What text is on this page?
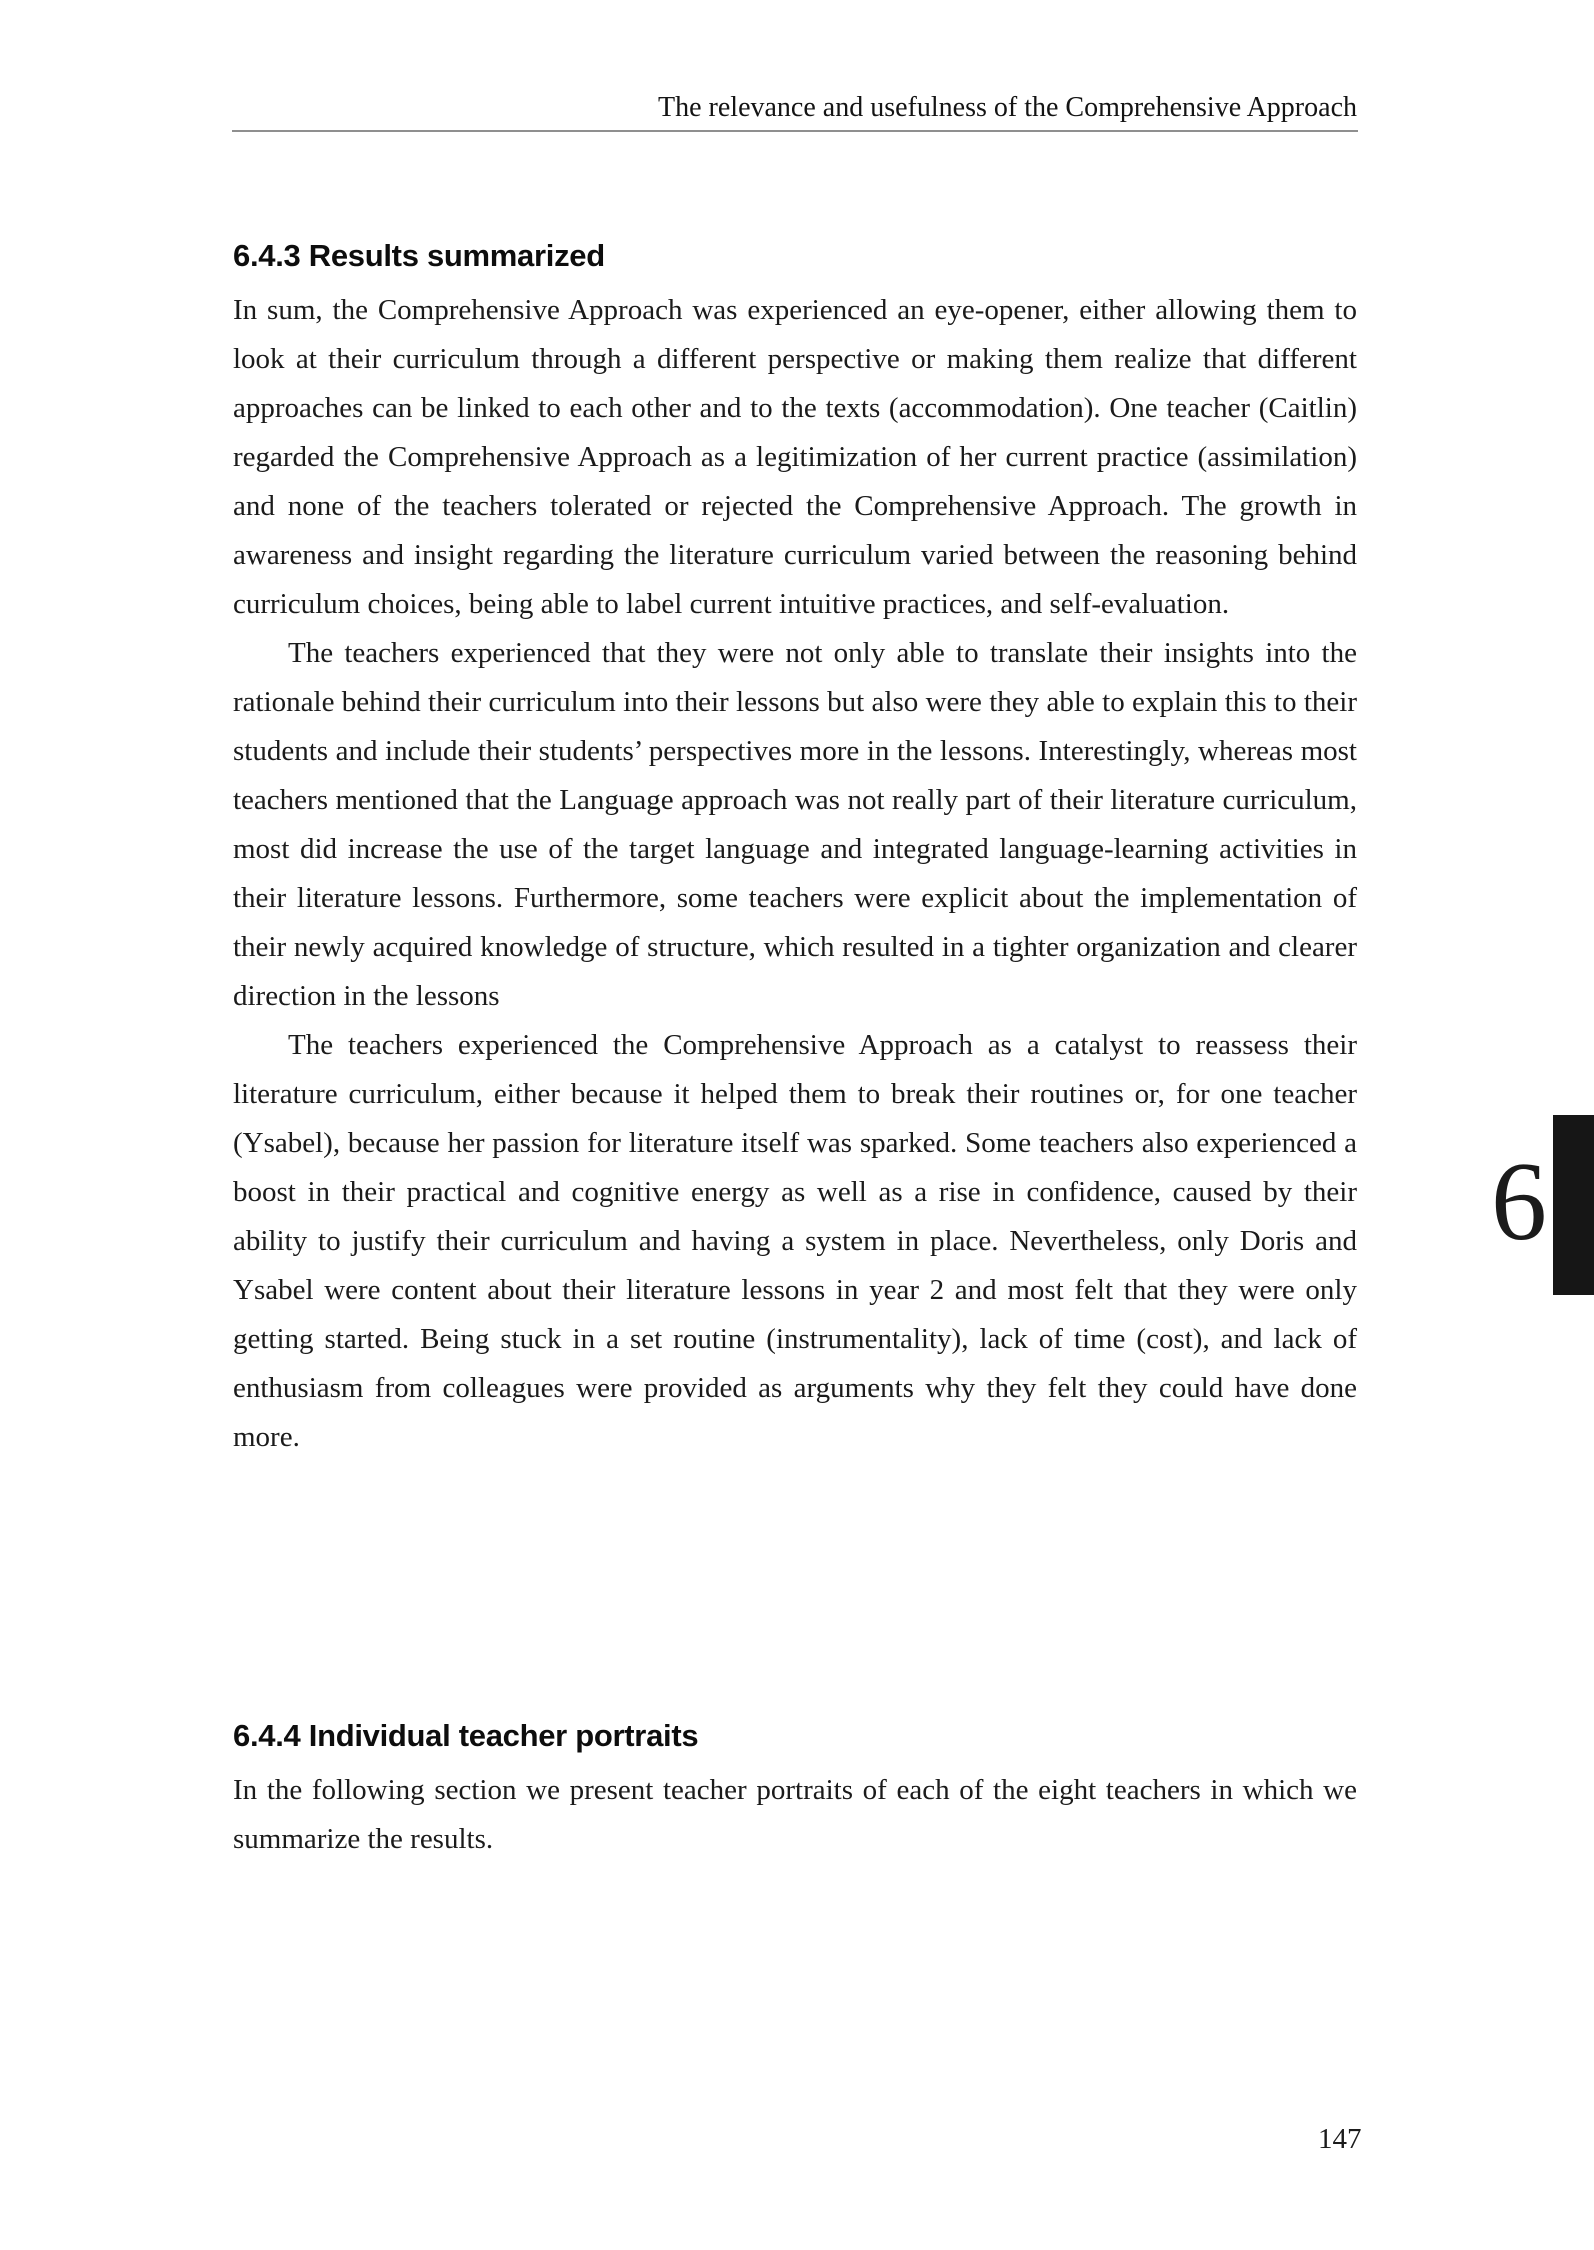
The relevance and usefulness of the Comprehensive Approach
6.4.3 Results summarized

In sum, the Comprehensive Approach was experienced an eye-opener, either allowing them to look at their curriculum through a different perspective or making them realize that different approaches can be linked to each other and to the texts (accommodation). One teacher (Caitlin) regarded the Comprehensive Approach as a legitimization of her current practice (assimilation) and none of the teachers tolerated or rejected the Comprehensive Approach. The growth in awareness and insight regarding the literature curriculum varied between the reasoning behind curriculum choices, being able to label current intuitive practices, and self-evaluation.

The teachers experienced that they were not only able to translate their insights into the rationale behind their curriculum into their lessons but also were they able to explain this to their students and include their students’ perspectives more in the lessons. Interestingly, whereas most teachers mentioned that the Language approach was not really part of their literature curriculum, most did increase the use of the target language and integrated language-learning activities in their literature lessons. Furthermore, some teachers were explicit about the implementation of their newly acquired knowledge of structure, which resulted in a tighter organization and clearer direction in the lessons

The teachers experienced the Comprehensive Approach as a catalyst to reassess their literature curriculum, either because it helped them to break their routines or, for one teacher (Ysabel), because her passion for literature itself was sparked. Some teachers also experienced a boost in their practical and cognitive energy as well as a rise in confidence, caused by their ability to justify their curriculum and having a system in place. Nevertheless, only Doris and Ysabel were content about their literature lessons in year 2 and most felt that they were only getting started. Being stuck in a set routine (instrumentality), lack of time (cost), and lack of enthusiasm from colleagues were provided as arguments why they felt they could have done more.

6.4.4 Individual teacher portraits

In the following section we present teacher portraits of each of the eight teachers in which we summarize the results.

6
147
